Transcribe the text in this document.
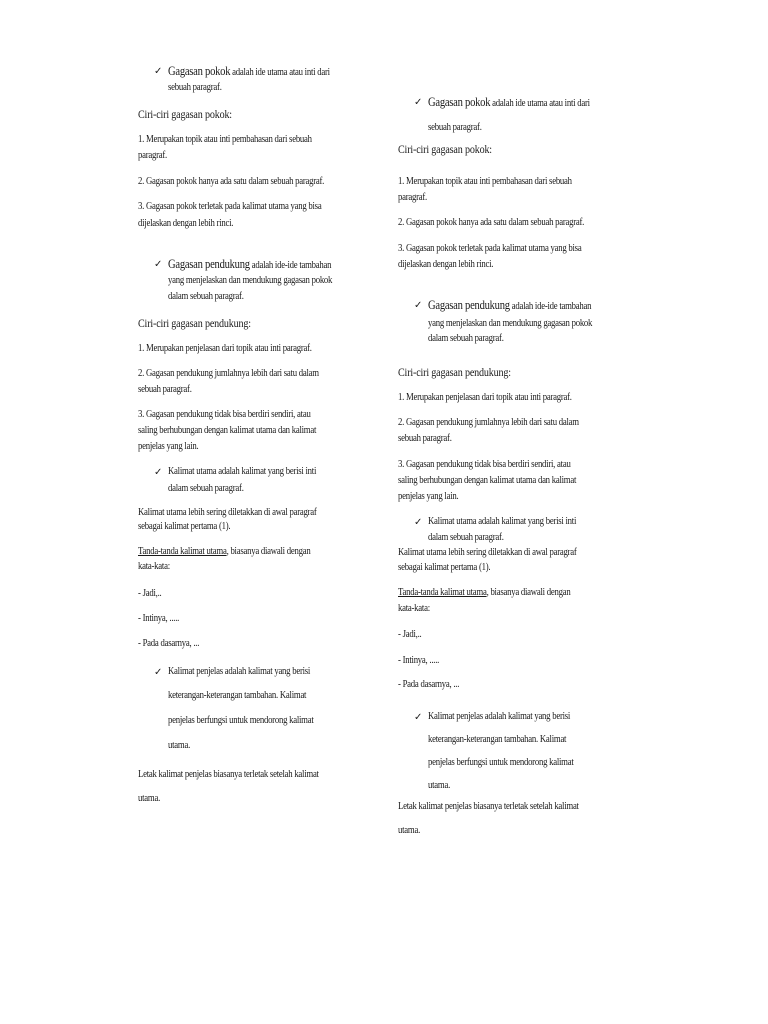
✓ Gagasan pokok adalah ide utama atau inti dari
sebuah paragraf.
Ciri-ciri gagasan pokok:
1. Merupakan topik atau inti pembahasan dari sebuah
paragraf.
2. Gagasan pokok hanya ada satu dalam sebuah paragraf.
3. Gagasan pokok terletak pada kalimat utama yang bisa
dijelaskan dengan lebih rinci.
✓ Gagasan pendukung adalah ide-ide tambahan
yang menjelaskan dan mendukung gagasan pokok
dalam sebuah paragraf.
Ciri-ciri gagasan pendukung:
1. Merupakan penjelasan dari topik atau inti paragraf.
2. Gagasan pendukung jumlahnya lebih dari satu dalam
sebuah paragraf.
3. Gagasan pendukung tidak bisa berdiri sendiri, atau
saling berhubungan dengan kalimat utama dan kalimat
penjelas yang lain.
✓ Kalimat utama adalah kalimat yang berisi inti
dalam sebuah paragraf.
Kalimat utama lebih sering diletakkan di awal paragraf
sebagai kalimat pertama (1).
Tanda-tanda kalimat utama, biasanya diawali dengan
kata-kata:
- Jadi,..
- Intinya, .....
- Pada dasarnya, ...
✓ Kalimat penjelas adalah kalimat yang berisi
keterangan-keterangan tambahan. Kalimat
penjelas berfungsi untuk mendorong kalimat
utama.
Letak kalimat penjelas biasanya terletak setelah kalimat
utama.
✓ Gagasan pokok adalah ide utama atau inti dari
sebuah paragraf.
Ciri-ciri gagasan pokok:
1. Merupakan topik atau inti pembahasan dari sebuah
paragraf.
2. Gagasan pokok hanya ada satu dalam sebuah paragraf.
3. Gagasan pokok terletak pada kalimat utama yang bisa
dijelaskan dengan lebih rinci.
✓ Gagasan pendukung adalah ide-ide tambahan
yang menjelaskan dan mendukung gagasan pokok
dalam sebuah paragraf.
Ciri-ciri gagasan pendukung:
1. Merupakan penjelasan dari topik atau inti paragraf.
2. Gagasan pendukung jumlahnya lebih dari satu dalam
sebuah paragraf.
3. Gagasan pendukung tidak bisa berdiri sendiri, atau
saling berhubungan dengan kalimat utama dan kalimat
penjelas yang lain.
✓ Kalimat utama adalah kalimat yang berisi inti
dalam sebuah paragraf.
Kalimat utama lebih sering diletakkan di awal paragraf
sebagai kalimat pertama (1).
Tanda-tanda kalimat utama, biasanya diawali dengan
kata-kata:
- Jadi,..
- Intinya, .....
- Pada dasarnya, ...
✓ Kalimat penjelas adalah kalimat yang berisi
keterangan-keterangan tambahan. Kalimat
penjelas berfungsi untuk mendorong kalimat
utama.
Letak kalimat penjelas biasanya terletak setelah kalimat
utama.
